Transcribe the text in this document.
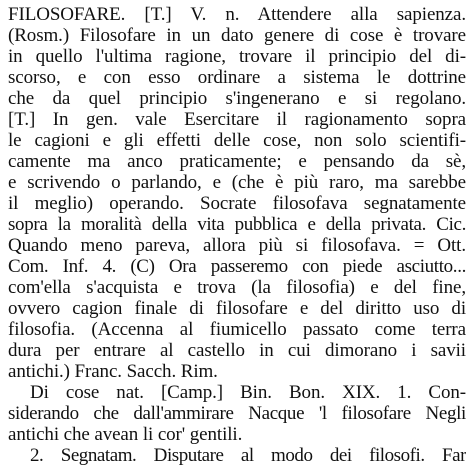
FILOSOFARE. [T.] V. n. Attendere alla sapienza.
(Rosm.) Filosofare in un dato genere di cose è trovare
in quello l'ultima ragione, trovare il principio del di-
scorso, e con esso ordinare a sistema le dottrine
che da quel principio s'ingenerano e si regolano.
[T.] In gen. vale Esercitare il ragionamento sopra
le cagioni e gli effetti delle cose, non solo scientifi-
camente ma anco praticamente; e pensando da sè,
e scrivendo o parlando, e (che è più raro, ma sarebbe
il meglio) operando. Socrate filosofava segnatamente
sopra la moralità della vita pubblica e della privata. Cic.
Quando meno pareva, allora più si filosofava. = Ott.
Com. Inf. 4. (C) Ora passeremo con piede asciutto...
com'ella s'acquista e trova (la filosofia) e del fine,
ovvero cagion finale di filosofare e del diritto uso di
filosofia. (Accenna al fiumicello passato come terra
dura per entrare al castello in cui dimorano i savii
antichi.) Franc. Sacch. Rim.
Di cose nat. [Camp.] Bin. Bon. XIX. 1. Con-
siderando che dall'ammirare Nacque 'l filosofare Negli
antichi che avean li cor' gentili.
2. Segnatam. Disputare al modo dei filosofi. Far
